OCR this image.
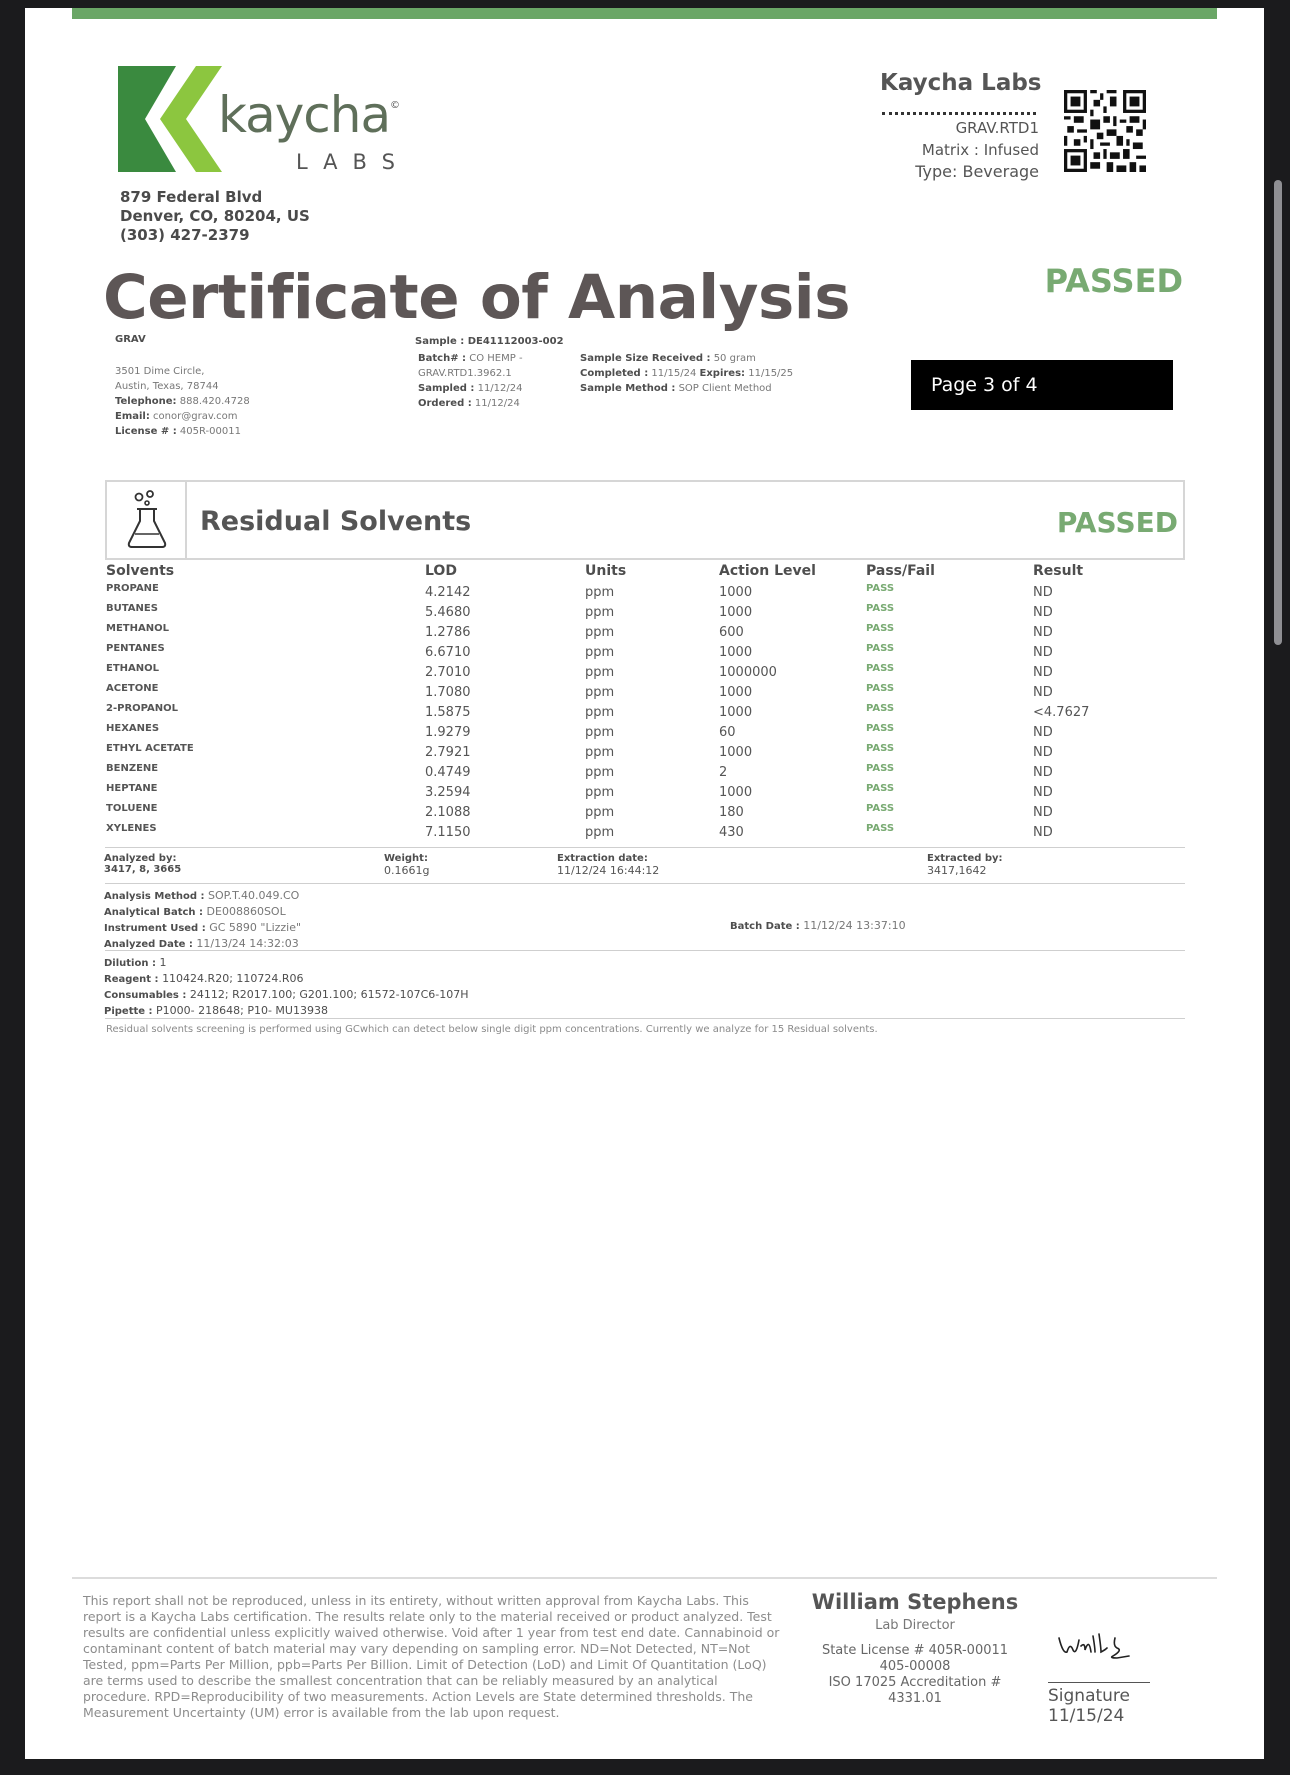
kaycha ©
LABS
879 Federal Blvd
Denver, CO, 80204, US
(303) 427-2379
Kaycha Labs
GRAV.RTD1
Matrix : Infused
Type: Beverage
Certificate of Analysis	PASSED
GRAV
3501 Dime Circle,
Austin, Texas, 78744
Telephone: 888.420.4728
Email: conor@grav.com
License # : 405R-00011
Sample : DE41112003-002
Batch# : CO HEMP -
GRAV.RTD1.3962.1
Sampled : 11/12/24
Ordered : 11/12/24
Sample Size Received : 50 gram
Completed : 11/15/24 Expires: 11/15/25
Sample Method : SOP Client Method	Page 3 of 4
Residual Solvents	PASSED
Solvents	LOD	Units	Action Level	Pass/Fail	Result
PROPANE	4.2142	ppm	1000	PASS	ND
BUTANES	5.4680	ppm	1000	PASS	ND
METHANOL	1.2786	ppm	600	PASS	ND
PENTANES	6.6710	ppm	1000	PASS	ND
ETHANOL	2.7010	ppm	1000000	PASS	ND
ACETONE	1.7080	ppm	1000	PASS	ND
2-PROPANOL	1.5875	ppm	1000	PASS	<4.7627
HEXANES	1.9279	ppm	60	PASS	ND
ETHYL ACETATE	2.7921	ppm	1000	PASS	ND
BENZENE	0.4749	ppm	2	PASS	ND
HEPTANE	3.2594	ppm	1000	PASS	ND
TOLUENE	2.1088	ppm	180	PASS	ND
XYLENES	7.1150	ppm	430	PASS	ND
Analyzed by:
3417, 8, 3665
Weight:
0.1661g
Extraction date:
11/12/24 16:44:12
Extracted by:
3417,1642
Analysis Method : SOP.T.40.049.CO
Analytical Batch : DE008860SOL
Instrument Used : GC 5890 "Lizzie"
Analyzed Date : 11/13/24 14:32:03
Batch Date : 11/12/24 13:37:10
Dilution : 1
Reagent : 110424.R20; 110724.R06
Consumables : 24112; R2017.100; G201.100; 61572-107C6-107H
Pipette : P1000- 218648; P10- MU13938
Residual solvents screening is performed using GCwhich can detect below single digit ppm concentrations. Currently we analyze for 15 Residual solvents.
This report shall not be reproduced, unless in its entirety, without written approval from Kaycha Labs. This report is a Kaycha Labs certification. The results relate only to the material received or product analyzed. Test results are confidential unless explicitly waived otherwise. Void after 1 year from test end date. Cannabinoid or contaminant content of batch material may vary depending on sampling error. ND=Not Detected, NT=Not Tested, ppm=Parts Per Million, ppb=Parts Per Billion. Limit of Detection (LoD) and Limit Of Quantitation (LoQ) are terms used to describe the smallest concentration that can be reliably measured by an analytical procedure. RPD=Reproducibility of two measurements. Action Levels are State determined thresholds. The Measurement Uncertainty (UM) error is available from the lab upon request.
William Stephens
Lab Director
State License # 405R-00011
405-00008
ISO 17025 Accreditation # 4331.01	Signature
11/15/24
